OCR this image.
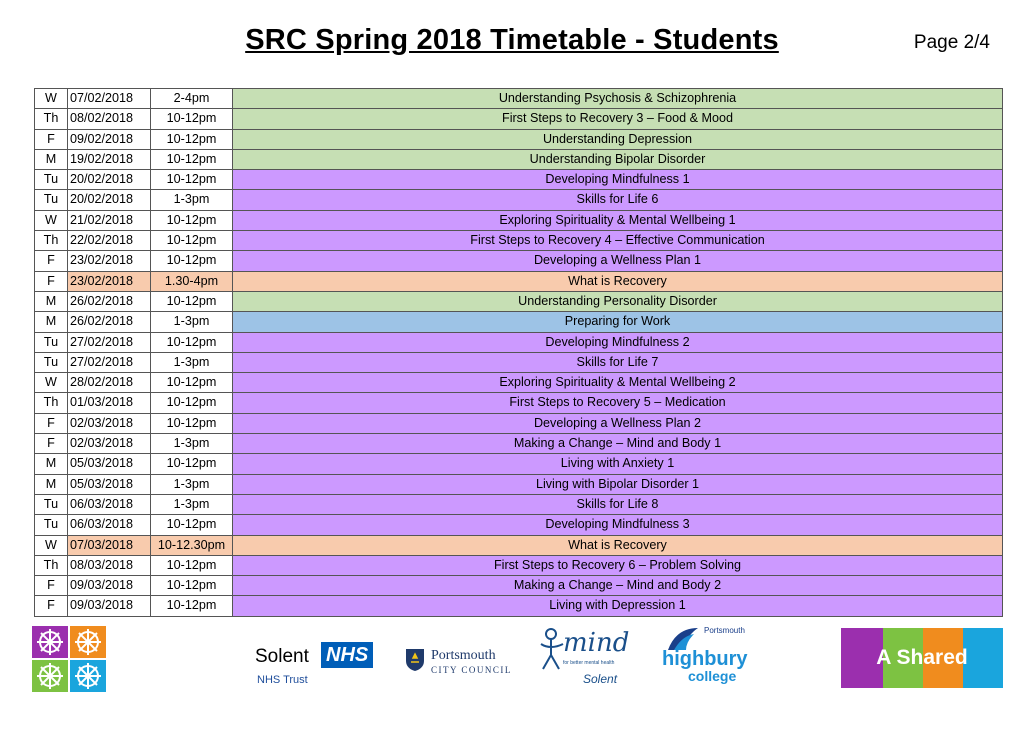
SRC Spring 2018 Timetable - Students	Page 2/4
W	07/02/2018	2-4pm	Understanding Psychosis & Schizophrenia
Th	08/02/2018	10-12pm	First Steps to Recovery 3 – Food & Mood
F	09/02/2018	10-12pm	Understanding Depression
M	19/02/2018	10-12pm	Understanding Bipolar Disorder
Tu	20/02/2018	10-12pm	Developing Mindfulness 1
Tu	20/02/2018	1-3pm	Skills for Life 6
W	21/02/2018	10-12pm	Exploring Spirituality & Mental Wellbeing 1
Th	22/02/2018	10-12pm	First Steps to Recovery 4 – Effective Communication
F	23/02/2018	10-12pm	Developing a Wellness Plan 1
F	23/02/2018	1.30-4pm	What is Recovery
M	26/02/2018	10-12pm	Understanding Personality Disorder
M	26/02/2018	1-3pm	Preparing for Work
Tu	27/02/2018	10-12pm	Developing Mindfulness 2
Tu	27/02/2018	1-3pm	Skills for Life 7
W	28/02/2018	10-12pm	Exploring Spirituality & Mental Wellbeing 2
Th	01/03/2018	10-12pm	First Steps to Recovery 5 – Medication
F	02/03/2018	10-12pm	Developing a Wellness Plan 2
F	02/03/2018	1-3pm	Making a Change – Mind and Body 1
M	05/03/2018	10-12pm	Living with Anxiety 1
M	05/03/2018	1-3pm	Living with Bipolar Disorder 1
Tu	06/03/2018	1-3pm	Skills for Life 8
Tu	06/03/2018	10-12pm	Developing Mindfulness 3
W	07/03/2018	10-12.30pm	What is Recovery
Th	08/03/2018	10-12pm	First Steps to Recovery 6 – Problem Solving
F	09/03/2018	10-12pm	Making a Change – Mind and Body 2
F	09/03/2018	10-12pm	Living with Depression 1
Solent NHS
NHS Trust
Portsmouth
CITY COUNCIL
mind
for better mental health
Solent
Portsmouth
highbury
college
A Shared Journey
